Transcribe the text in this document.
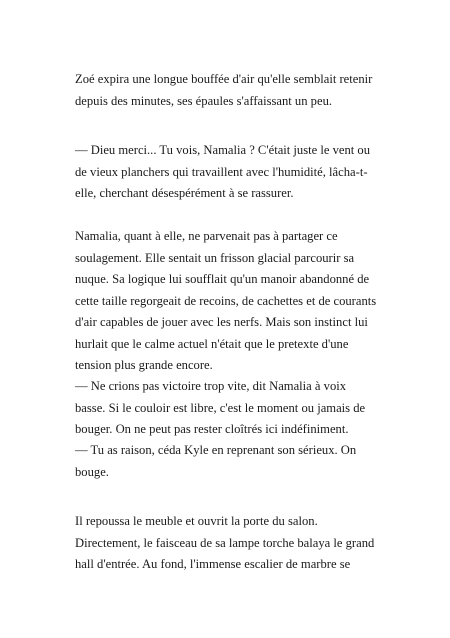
Zoé expira une longue bouffée d'air qu'elle semblait retenir
depuis des minutes, ses épaules s'affaissant un peu.
— Dieu merci... Tu vois, Namalia ? C'était juste le vent ou
de vieux planchers qui travaillent avec l'humidité, lâcha-t-
elle, cherchant désespérément à se rassurer.
Namalia, quant à elle, ne parvenait pas à partager ce
soulagement. Elle sentait un frisson glacial parcourir sa
nuque. Sa logique lui soufflait qu'un manoir abandonné de
cette taille regorgeait de recoins, de cachettes et de courants
d'air capables de jouer avec les nerfs. Mais son instinct lui
hurlait que le calme actuel n'était que le pretexte d'une
tension plus grande encore.
— Ne crions pas victoire trop vite, dit Namalia à voix
basse. Si le couloir est libre, c'est le moment ou jamais de
bouger. On ne peut pas rester cloîtrés ici indéfiniment.
— Tu as raison, céda Kyle en reprenant son sérieux. On
bouge.
Il repoussa le meuble et ouvrit la porte du salon.
Directement, le faisceau de sa lampe torche balaya le grand
hall d'entrée. Au fond, l'immense escalier de marbre se
